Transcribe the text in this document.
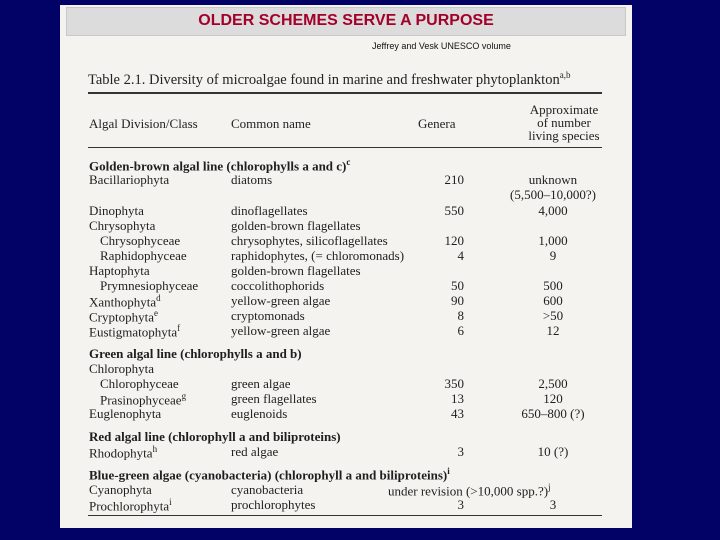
OLDER SCHEMES SERVE A PURPOSE
Jeffrey and Vesk UNESCO volume
Table 2.1. Diversity of microalgae found in marine and freshwater phytoplankton$^{a,b}$
Algal Division/Class	Common name	Genera
Approximate
of number
living species
Golden-brown algal line (chlorophylls a and c)$^c$
Bacillariophyta	diatoms	210	unknown
(5,500–10,000?)
Dinophyta	dinoflagellates	550	4,000
Chrysophyta	golden-brown flagellates
Chrysophyceae	chrysophytes, silicoflagellates	120	1,000
Raphidophyceae	raphidophytes, (= chloromonads)	4	9
Haptophyta	golden-brown flagellates
Prymnesiophyceae	coccolithophorids	50	500
Xanthophyta$^d$	yellow-green algae	90	600
Cryptophyta$^e$	cryptomonads	8	>50
Eustigmatophyta$^f$	yellow-green algae	6	12
Green algal line (chlorophylls a and b)
Chlorophyta
Chlorophyceae	green algae	350	2,500
Prasinophyceae$^g$	green flagellates	13	120
Euglenophyta	euglenoids	43	650–800 (?)
Red algal line (chlorophyll a and biliproteins)
Rhodophyta$^h$	red algae	3	10 (?)
Blue-green algae (cyanobacteria) (chlorophyll a and biliproteins)$^i$
Cyanophyta	cyanobacteria	under revision (>10,000 spp.?)$^j$
Prochlorophyta$^i$	prochlorophytes	3	3
